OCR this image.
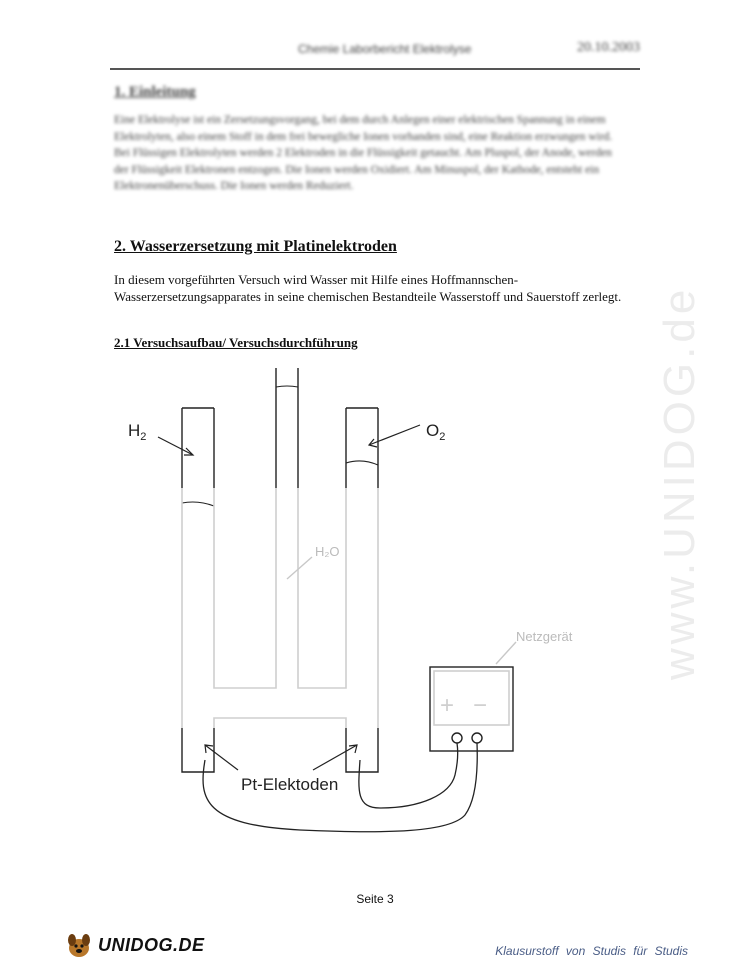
Chemie Laborbericht Elektrolyse	20.10.2003
1. Einleitung
Eine Elektrolyse ist ein Zersetzungsvorgang, bei dem durch Anlegen einer elektrischen Spannung in einem Elektrolyten, also einem Stoff in dem frei bewegliche Ionen vorhanden sind, eine Reaktion erzwungen wird. Bei Flüssigen Elektrolyten werden 2 Elektroden in die Flüssigkeit getaucht. Am Pluspol, der Anode, werden der Flüssigkeit Elektronen entzogen. Die Ionen werden Oxidiert. Am Minuspol, der Kathode, entsteht ein Elektronenüberschuss. Die Ionen werden Reduziert.
2. Wasserzersetzung mit Platinelektroden
In diesem vorgeführten Versuch wird Wasser mit Hilfe eines Hoffmannschen-Wasserzersetzungsapparates in seine chemischen Bestandteile Wasserstoff und Sauerstoff zerlegt.
2.1 Versuchsaufbau/ Versuchsdurchführung	www.UNIDOG.de
$H_2$	$O_2$
H₂O
Netzgerät
+ −
Pt-Elektoden
Seite 3
UNIDOG.DE	Klausurstoff von Studis für Studis
